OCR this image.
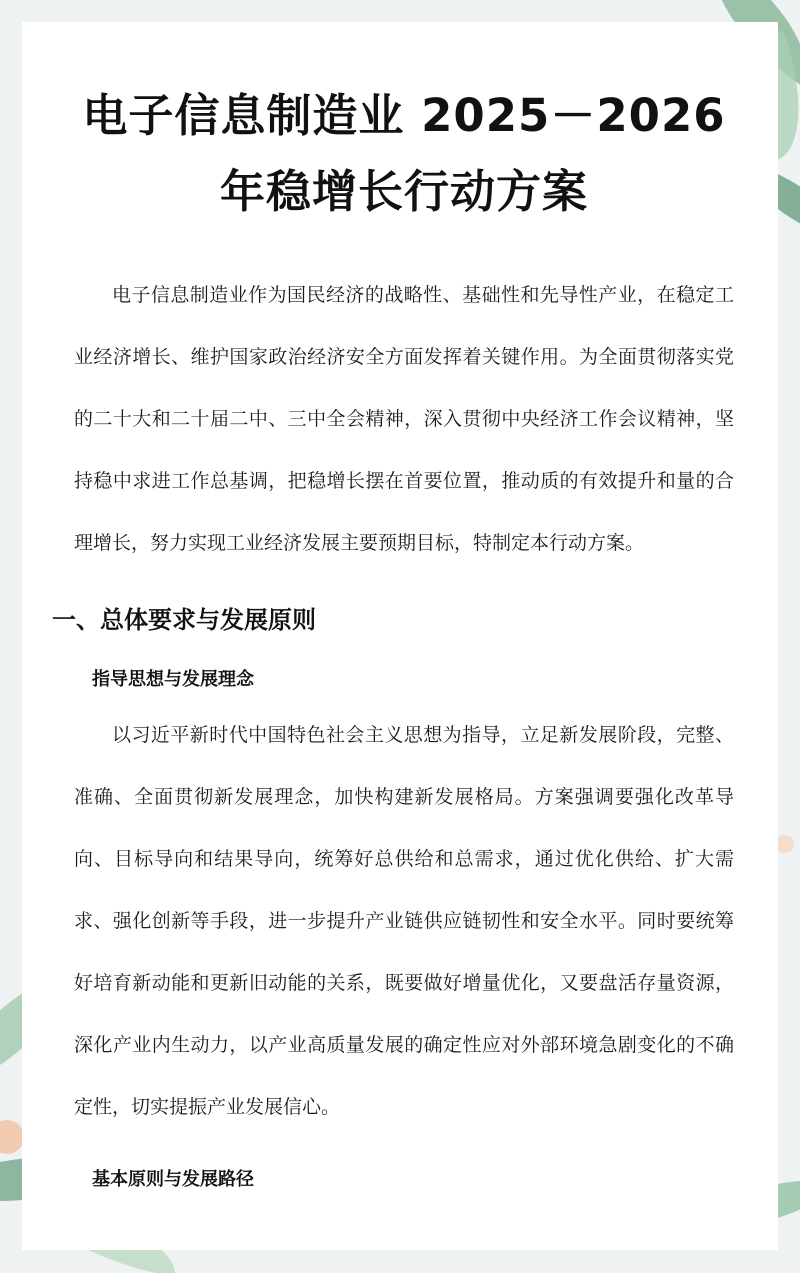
电子信息制造业 2025－2026
年稳增长行动方案

电子信息制造业作为国民经济的战略性、基础性和先导性产业，在稳定工业经济增长、维护国家政治经济安全方面发挥着关键作用。为全面贯彻落实党的二十大和二十届二中、三中全会精神，深入贯彻中央经济工作会议精神，坚持稳中求进工作总基调，把稳增长摆在首要位置，推动质的有效提升和量的合理增长，努力实现工业经济发展主要预期目标，特制定本行动方案。

一、总体要求与发展原则
指导思想与发展理念

以习近平新时代中国特色社会主义思想为指导，立足新发展阶段，完整、准确、全面贯彻新发展理念，加快构建新发展格局。方案强调要强化改革导向、目标导向和结果导向，统筹好总供给和总需求，通过优化供给、扩大需求、强化创新等手段，进一步提升产业链供应链韧性和安全水平。同时要统筹好培育新动能和更新旧动能的关系，既要做好增量优化，又要盘活存量资源，深化产业内生动力，以产业高质量发展的确定性应对外部环境急剧变化的不确定性，切实提振产业发展信心。

基本原则与发展路径
